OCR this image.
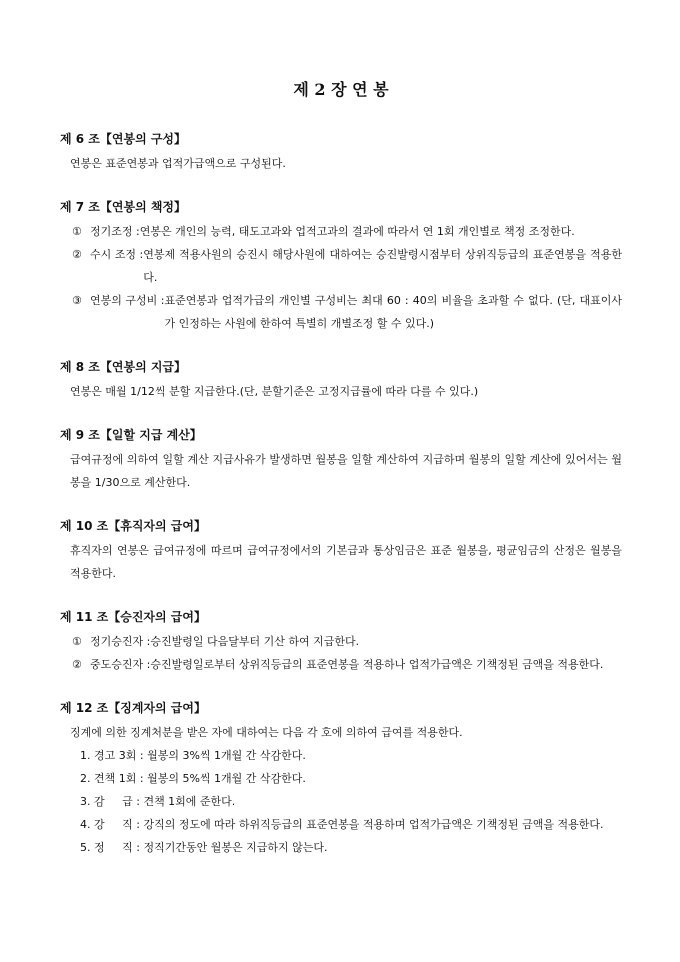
제 2 장 연 봉
제 6 조【연봉의 구성】
연봉은 표준연봉과 업적가급액으로 구성된다.
제 7 조【연봉의 책정】
① 정기조정 : 연봉은 개인의 능력, 태도고과와 업적고과의 결과에 따라서 연 1회 개인별로 책정 조정한다.
② 수시 조정 : 연봉제 적용사원의 승진시 해당사원에 대하여는 승진발령시점부터 상위직등급의 표준연봉을 적용한다.
③ 연봉의 구성비 : 표준연봉과 업적가급의 개인별 구성비는 최대 60 : 40의 비율을 초과할 수 없다. (단, 대표이사가 인정하는 사원에 한하여 특별히 개별조정 할 수 있다.)
제 8 조【연봉의 지급】
연봉은 매월 1/12씩 분할 지급한다.(단, 분할기준은 고정지급률에 따라 다를 수 있다.)
제 9 조【일할 지급 계산】
급여규정에 의하여 일할 계산 지급사유가 발생하면 월봉을 일할 계산하여 지급하며 월봉의 일할 계산에 있어서는 월봉을 1/30으로 계산한다.
제 10 조【휴직자의 급여】
휴직자의 연봉은 급여규정에 따르며 급여규정에서의 기본급과 통상임금은 표준 월봉을, 평균임금의 산정은 월봉을 적용한다.
제 11 조【승진자의 급여】
① 정기승진자 : 승진발령일 다음달부터 기산 하여 지급한다.
② 중도승진자 : 승진발령일로부터 상위직등급의 표준연봉을 적용하나 업적가급액은 기책정된 금액을 적용한다.
제 12 조【징계자의 급여】
징계에 의한 징계처분을 받은 자에 대하여는 다음 각 호에 의하여 급여를 적용한다.
1. 경고 3회 : 월봉의 3%씩 1개월 간 삭감한다.
2. 견책 1회 : 월봉의 5%씩 1개월 간 삭감한다.
3. 감     급 : 견책 1회에 준한다.
4. 강     직 : 강직의 정도에 따라 하위직등급의 표준연봉을 적용하며 업적가급액은 기책정된 금액을 적용한다.
5. 정     직 : 정직기간동안 월봉은 지급하지 않는다.
